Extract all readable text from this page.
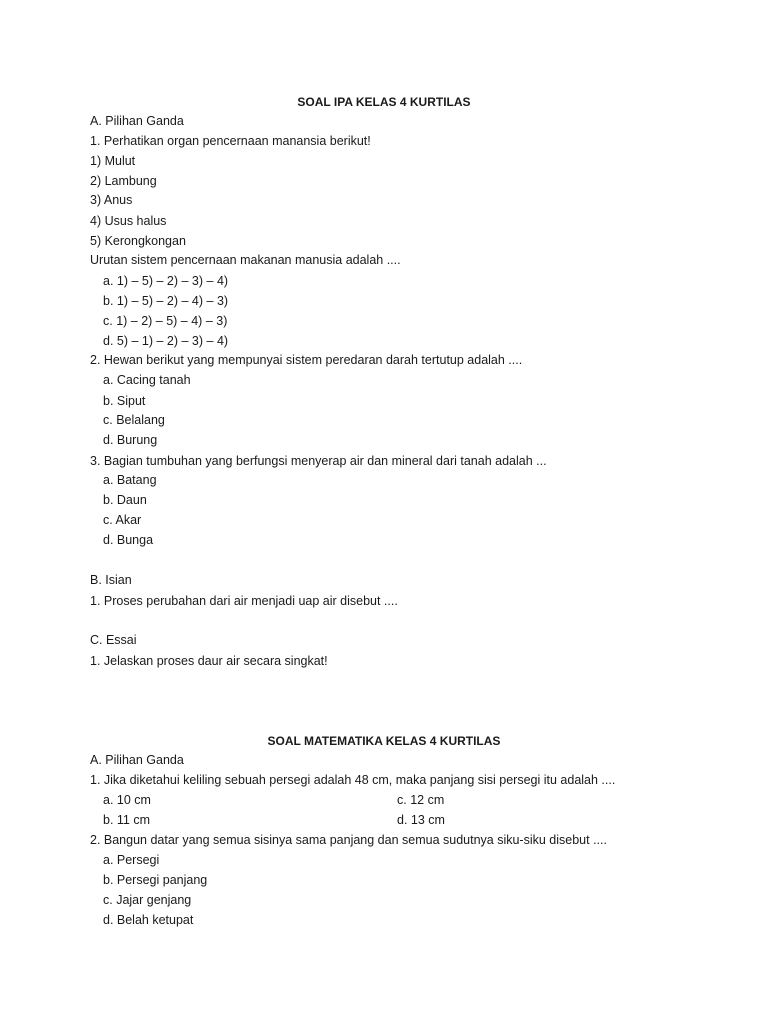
SOAL IPA KELAS 4 KURTILAS
A. Pilihan Ganda
1. Perhatikan organ pencernaan manansia berikut!
1) Mulut
2) Lambung
3) Anus
4) Usus halus
5) Kerongkongan
Urutan sistem pencernaan makanan manusia adalah ....
a. 1) – 5) – 2) – 3) – 4)
b. 1) – 5) – 2) – 4) – 3)
c. 1) – 2) – 5) – 4) – 3)
d. 5) – 1) – 2) – 3) – 4)
2. Hewan berikut yang mempunyai sistem peredaran darah tertutup adalah ....
a. Cacing tanah
b. Siput
c. Belalang
d. Burung
3. Bagian tumbuhan yang berfungsi menyerap air dan mineral dari tanah adalah ...
a. Batang
b. Daun
c. Akar
d. Bunga
B. Isian
1. Proses perubahan dari air menjadi uap air disebut ....
C. Essai
1. Jelaskan proses daur air secara singkat!
SOAL MATEMATIKA KELAS 4 KURTILAS
A. Pilihan Ganda
1. Jika diketahui keliling sebuah persegi adalah 48 cm, maka panjang sisi persegi itu adalah ....
a. 10 cm	c. 12 cm
b. 11 cm	d. 13 cm
2. Bangun datar yang semua sisinya sama panjang dan semua sudutnya siku-siku disebut ....
a. Persegi
b. Persegi panjang
c. Jajar genjang
d. Belah ketupat
